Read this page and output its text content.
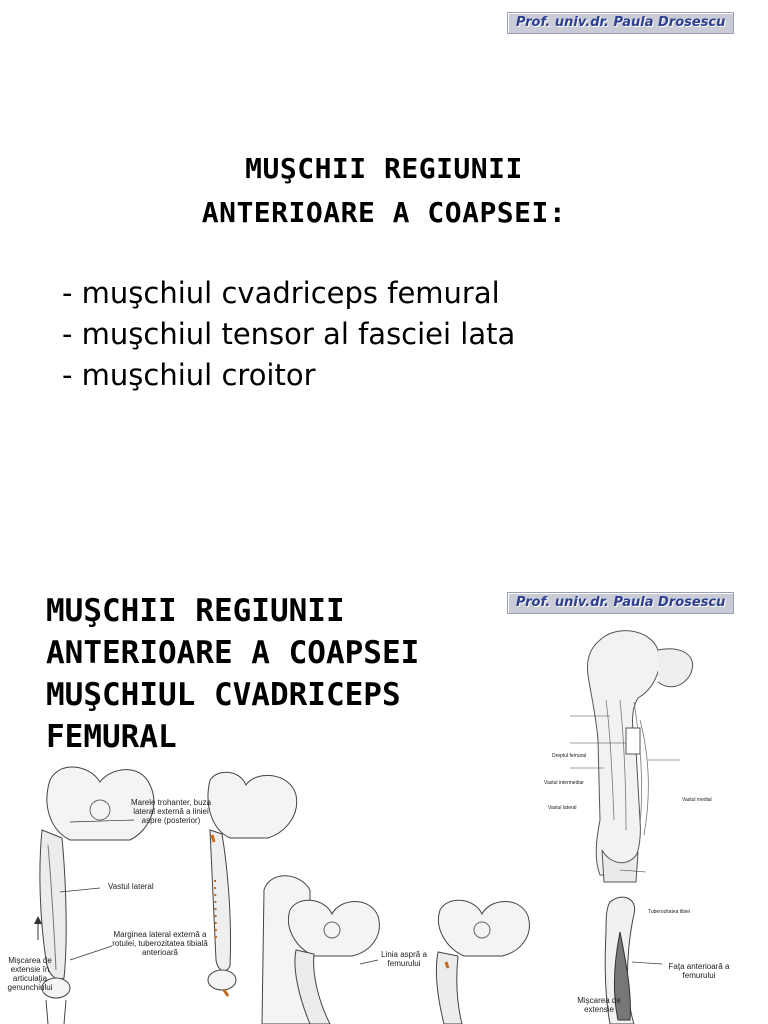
Prof. univ.dr. Paula Drosescu
MUŞCHII REGIUNII
ANTERIOARE A COAPSEI:
- muşchiul cvadriceps femural
- muşchiul tensor al fasciei lata
- muşchiul croitor
Prof. univ.dr. Paula Drosescu
MUŞCHII REGIUNII
ANTERIOARE A COAPSEI
MUŞCHIUL CVADRICEPS
FEMURAL
Dreptul femural
Vastul intermediar
Vastul lateral
Vastul medial
Tuberozitatea tibiei
Marele trohanter, buza lateral externă a liniei aspre (posterior)
Vastul lateral
Marginea lateral externă a rotulei, tuberozitatea tibială anterioară
Mişcarea de extensie în articulaţia genunchiului
Linia aspră a femurului	Faţa anterioară a femurului
Mişcarea de extensie
